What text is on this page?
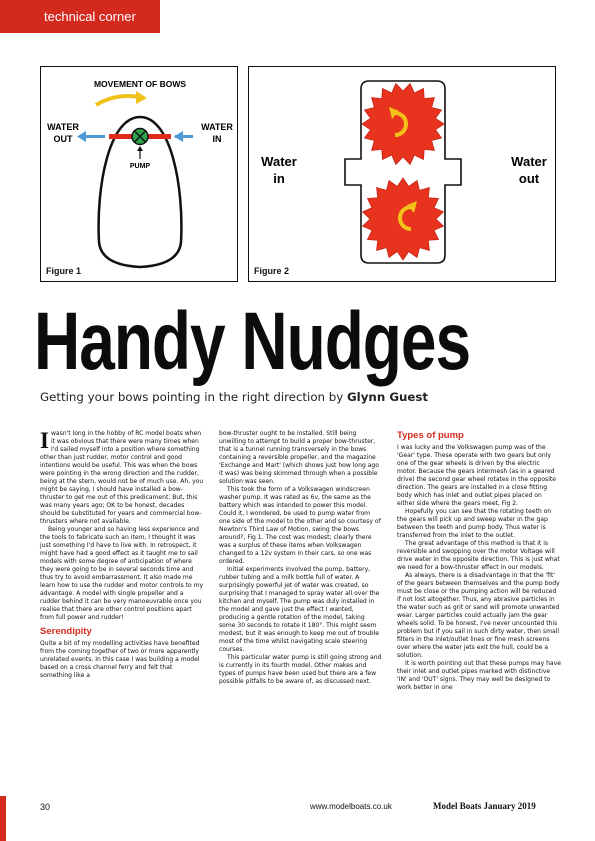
technical corner
MOVEMENT OF BOWS
WATER
OUT
WATER
IN
PUMP
Figure 1
Water
in
Water
out
Figure 2
Handy Nudges
Getting your bows pointing in the right direction by Glynn Guest

Iwasn't long in the hobby of RC model boats when it was obvious that there were many times when I'd sailed myself into a position where something other than just rudder, motor control and good intentions would be useful. This was when the bows were pointing in the wrong direction and the rudder, being at the stern, would not be of much use. Ah, you might be saying, I should have installed a bow-thruster to get me out of this predicament. But, this was many years ago; OK to be honest, decades should be substituted for years and commercial bow-thrusters where not available.

Being younger and so having less experience and the tools to fabricate such an item, I thought it was just something I'd have to live with. In retrospect, it might have had a good effect as it taught me to sail models with some degree of anticipation of where they were going to be in several seconds time and thus try to avoid embarrassment. It also made me learn how to use the rudder and motor controls to my advantage. A model with single propeller and a rudder behind it can be very manoeuvrable once you realise that there are other control positions apart from full power and rudder!

Serendipity

Quite a bit of my modelling activities have benefited from the coming together of two or more apparently unrelated events. In this case I was building a model based on a cross channel ferry and felt that something like a

bow-thruster ought to be installed. Still being unwilling to attempt to build a proper bow-thruster, that is a tunnel running transversely in the bows containing a reversible propeller, and the magazine 'Exchange and Mart' (which shows just how long ago it was) was being skimmed through when a possible solution was seen.

This took the form of a Volkswagen windscreen washer pump. It was rated as 6v, the same as the battery which was intended to power this model. Could it, I wondered, be used to pump water from one side of the model to the other and so courtesy of Newton's Third Law of Motion, swing the bows around?, Fig 1. The cost was modest; clearly there was a surplus of these items when Volkswagen changed to a 12v system in their cars, so one was ordered.

Initial experiments involved the pump, battery, rubber tubing and a milk bottle full of water. A surprisingly powerful jet of water was created, so surprising that I managed to spray water all over the kitchen and myself. The pump was duly installed in the model and gave just the effect I wanted, producing a gentle rotation of the model, taking some 30 seconds to rotate it 180°. This might seem modest, but it was enough to keep me out of trouble most of the time whilst navigating scale steering courses.

This particular water pump is still going strong and is currently in its fourth model. Other makes and types of pumps have been used but there are a few possible pitfalls to be aware of, as discussed next.

Types of pump

I was lucky and the Volkswagen pump was of the 'Gear' type. These operate with two gears but only one of the gear wheels is driven by the electric motor. Because the gears intermesh (as in a geared drive) the second gear wheel rotates in the opposite direction. The gears are installed in a close fitting body which has inlet and outlet pipes placed on either side where the gears meet, Fig 2.

Hopefully you can see that the rotating teeth on the gears will pick up and sweep water in the gap between the teeth and pump body. Thus water is transferred from the inlet to the outlet.

The great advantage of this method is that it is reversible and swopping over the motor Voltage will drive water in the opposite direction. This is just what we need for a bow-thruster effect in our models.

As always, there is a disadvantage in that the 'fit' of the gears between themselves and the pump body must be close or the pumping action will be reduced if not lost altogether. Thus, any abrasive particles in the water such as grit or sand will promote unwanted wear. Larger particles could actually jam the gear wheels solid. To be honest, I've never uncounted this problem but if you sail in such dirty water, then small filters in the inlet/outlet lines or fine mesh screens over where the water jets exit the hull, could be a solution.

It is worth pointing out that these pumps may have their inlet and outlet pipes marked with distinctive 'IN' and 'OUT' signs. They may well be designed to work better in one

30	www.modelboats.co.uk	Model Boats January 2019
